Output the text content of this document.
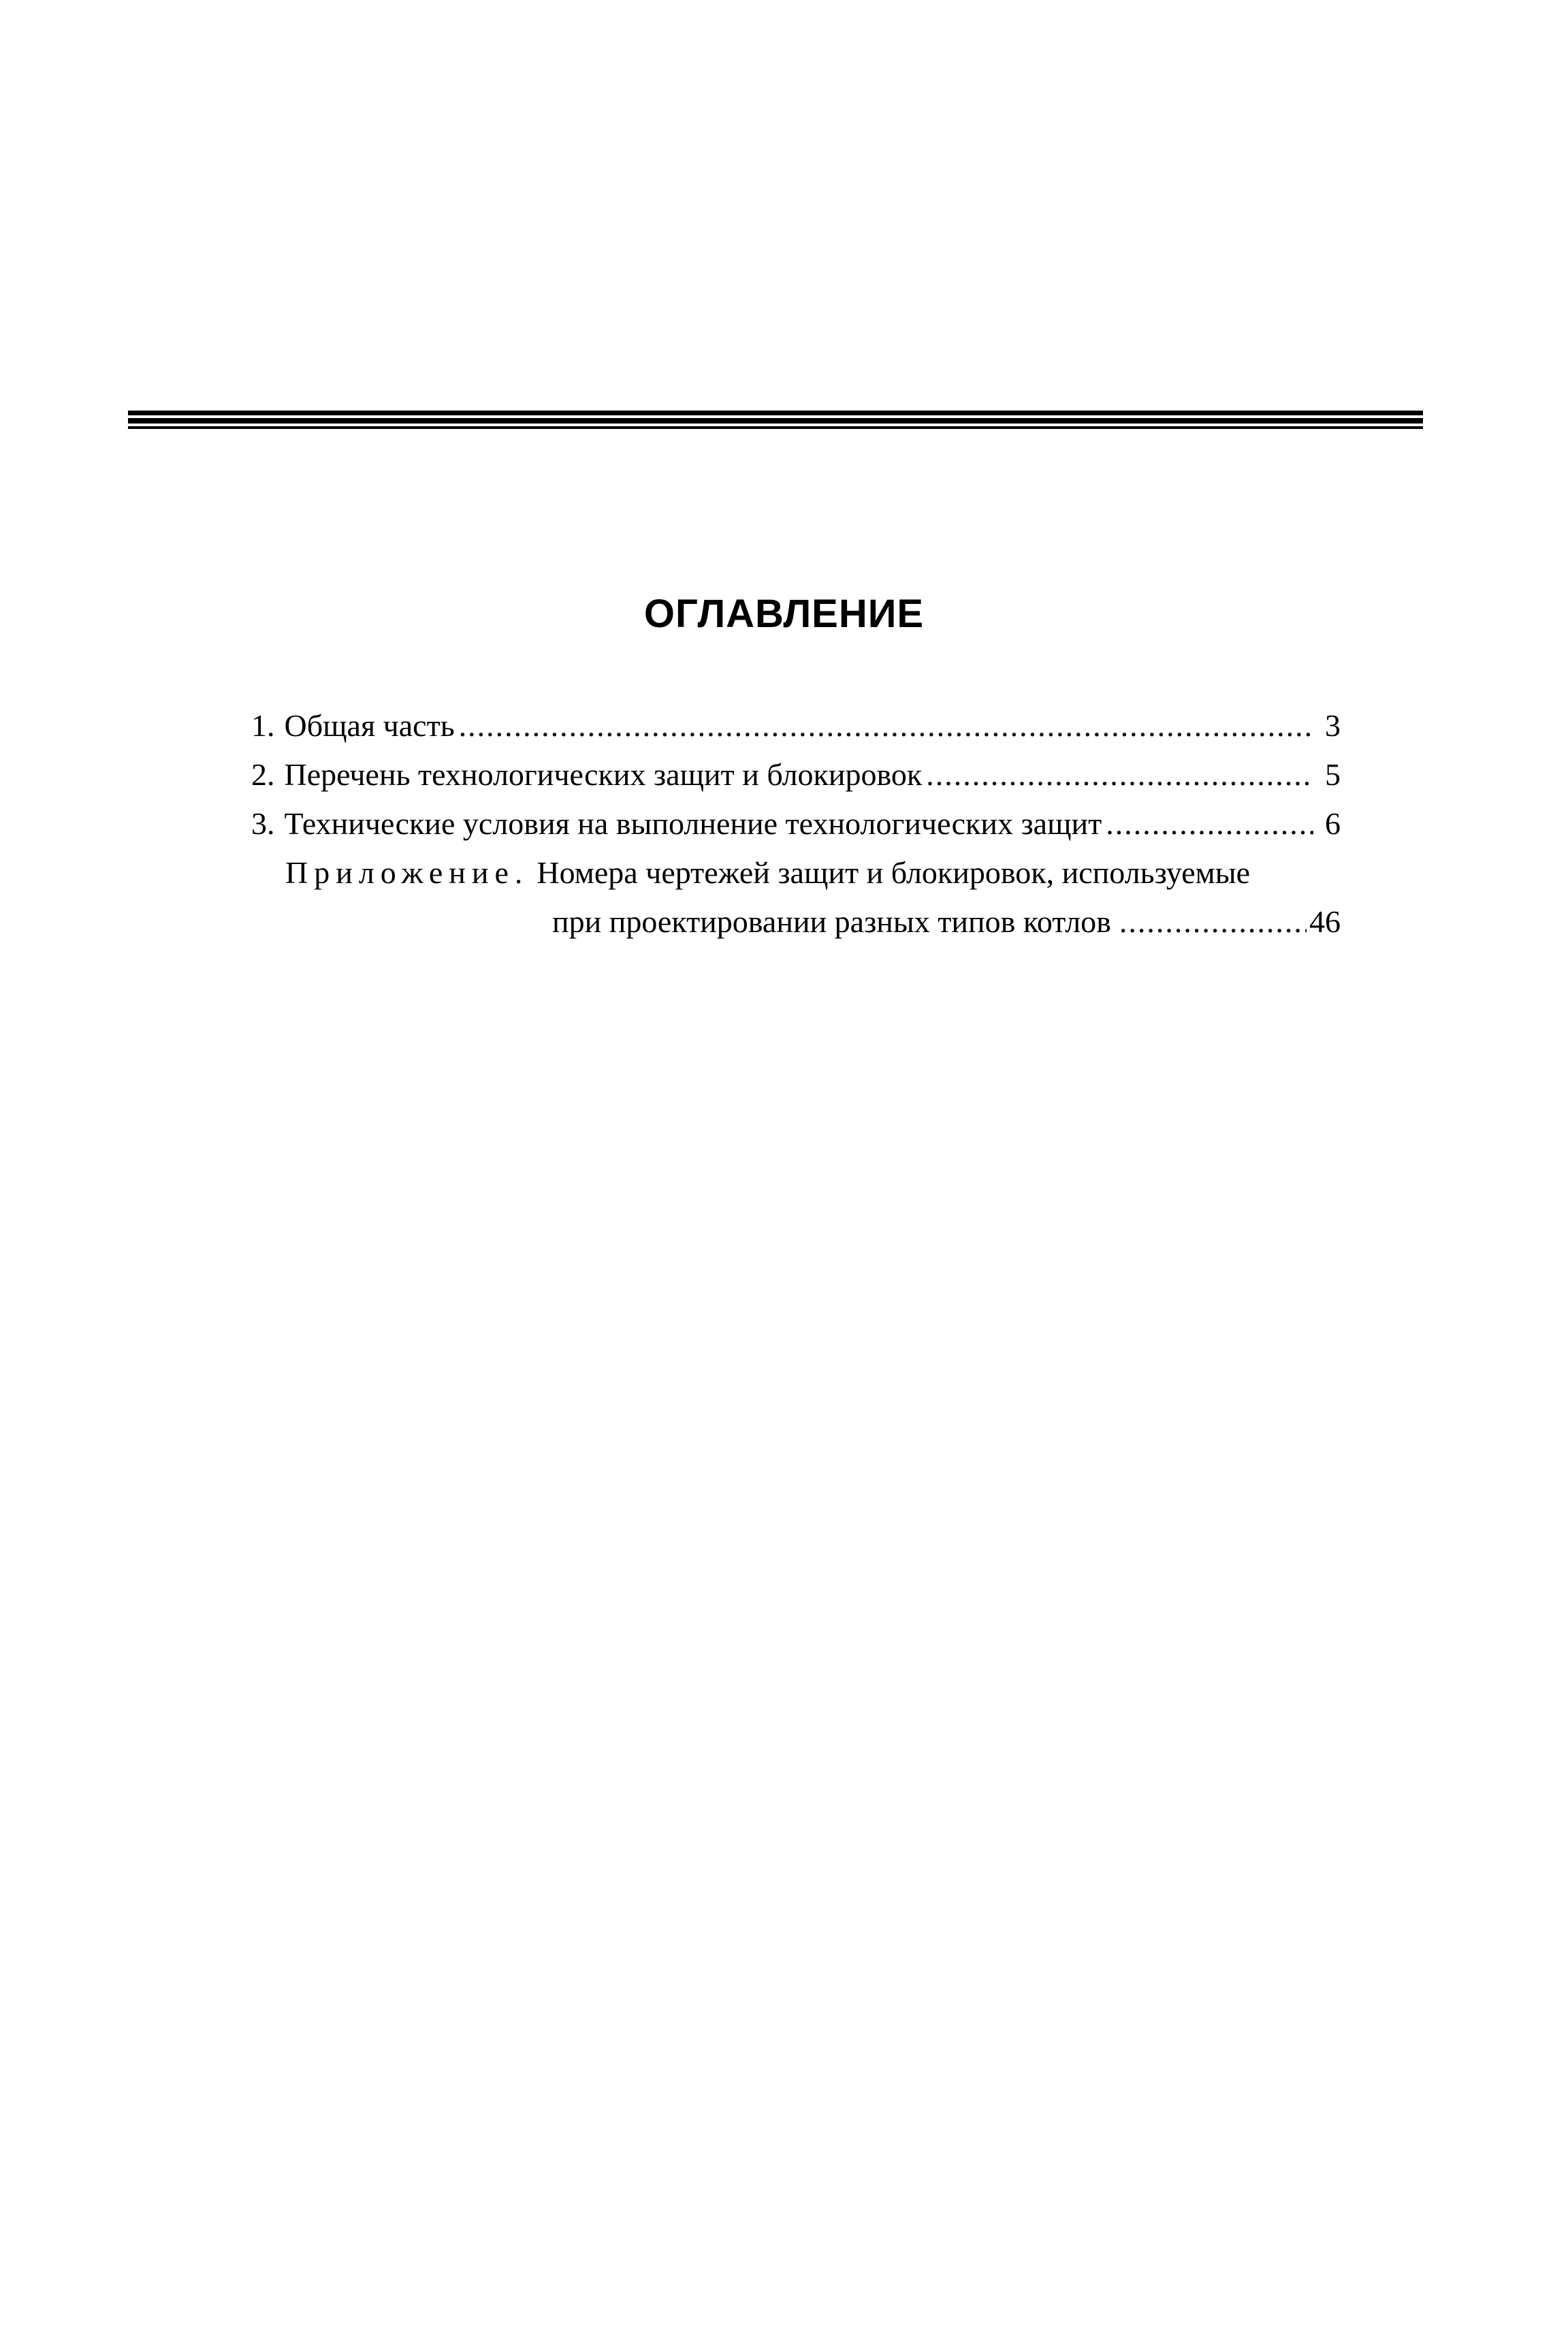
ОГЛАВЛЕНИЕ
1. Общая часть .....	3
2. Перечень технологических защит и блокировок .....	5
3. Технические условия на выполнение технологических защит .....	6
Приложение. Номера чертежей защит и блокировок, используемые
при проектировании разных типов котлов .....	46
